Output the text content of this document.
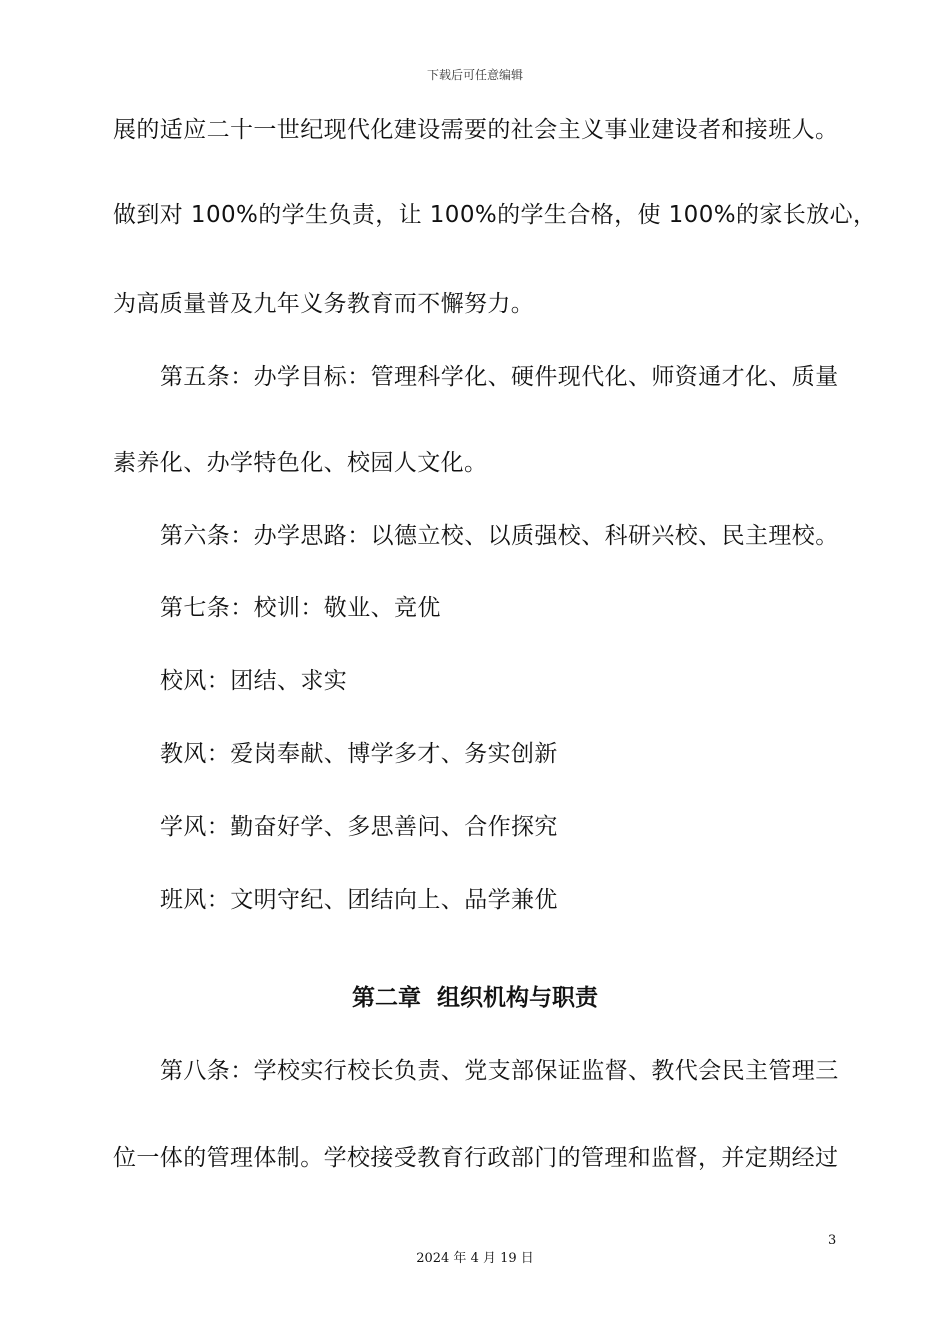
下载后可任意编辑
展的适应二十一世纪现代化建设需要的社会主义事业建设者和接班人。
做到对 100%的学生负责，让 100%的学生合格，使 100%的家长放心，
为高质量普及九年义务教育而不懈努力。
第五条：办学目标：管理科学化、硬件现代化、师资通才化、质量
素养化、办学特色化、校园人文化。
第六条：办学思路：以德立校、以质强校、科研兴校、民主理校。
第七条：校训：敬业、竞优
校风：团结、求实
教风：爱岗奉献、博学多才、务实创新
学风：勤奋好学、多思善问、合作探究
班风：文明守纪、团结向上、品学兼优
第二章  组织机构与职责
第八条：学校实行校长负责、党支部保证监督、教代会民主管理三
位一体的管理体制。学校接受教育行政部门的管理和监督，并定期经过
3
2024 年 4 月 19 日
